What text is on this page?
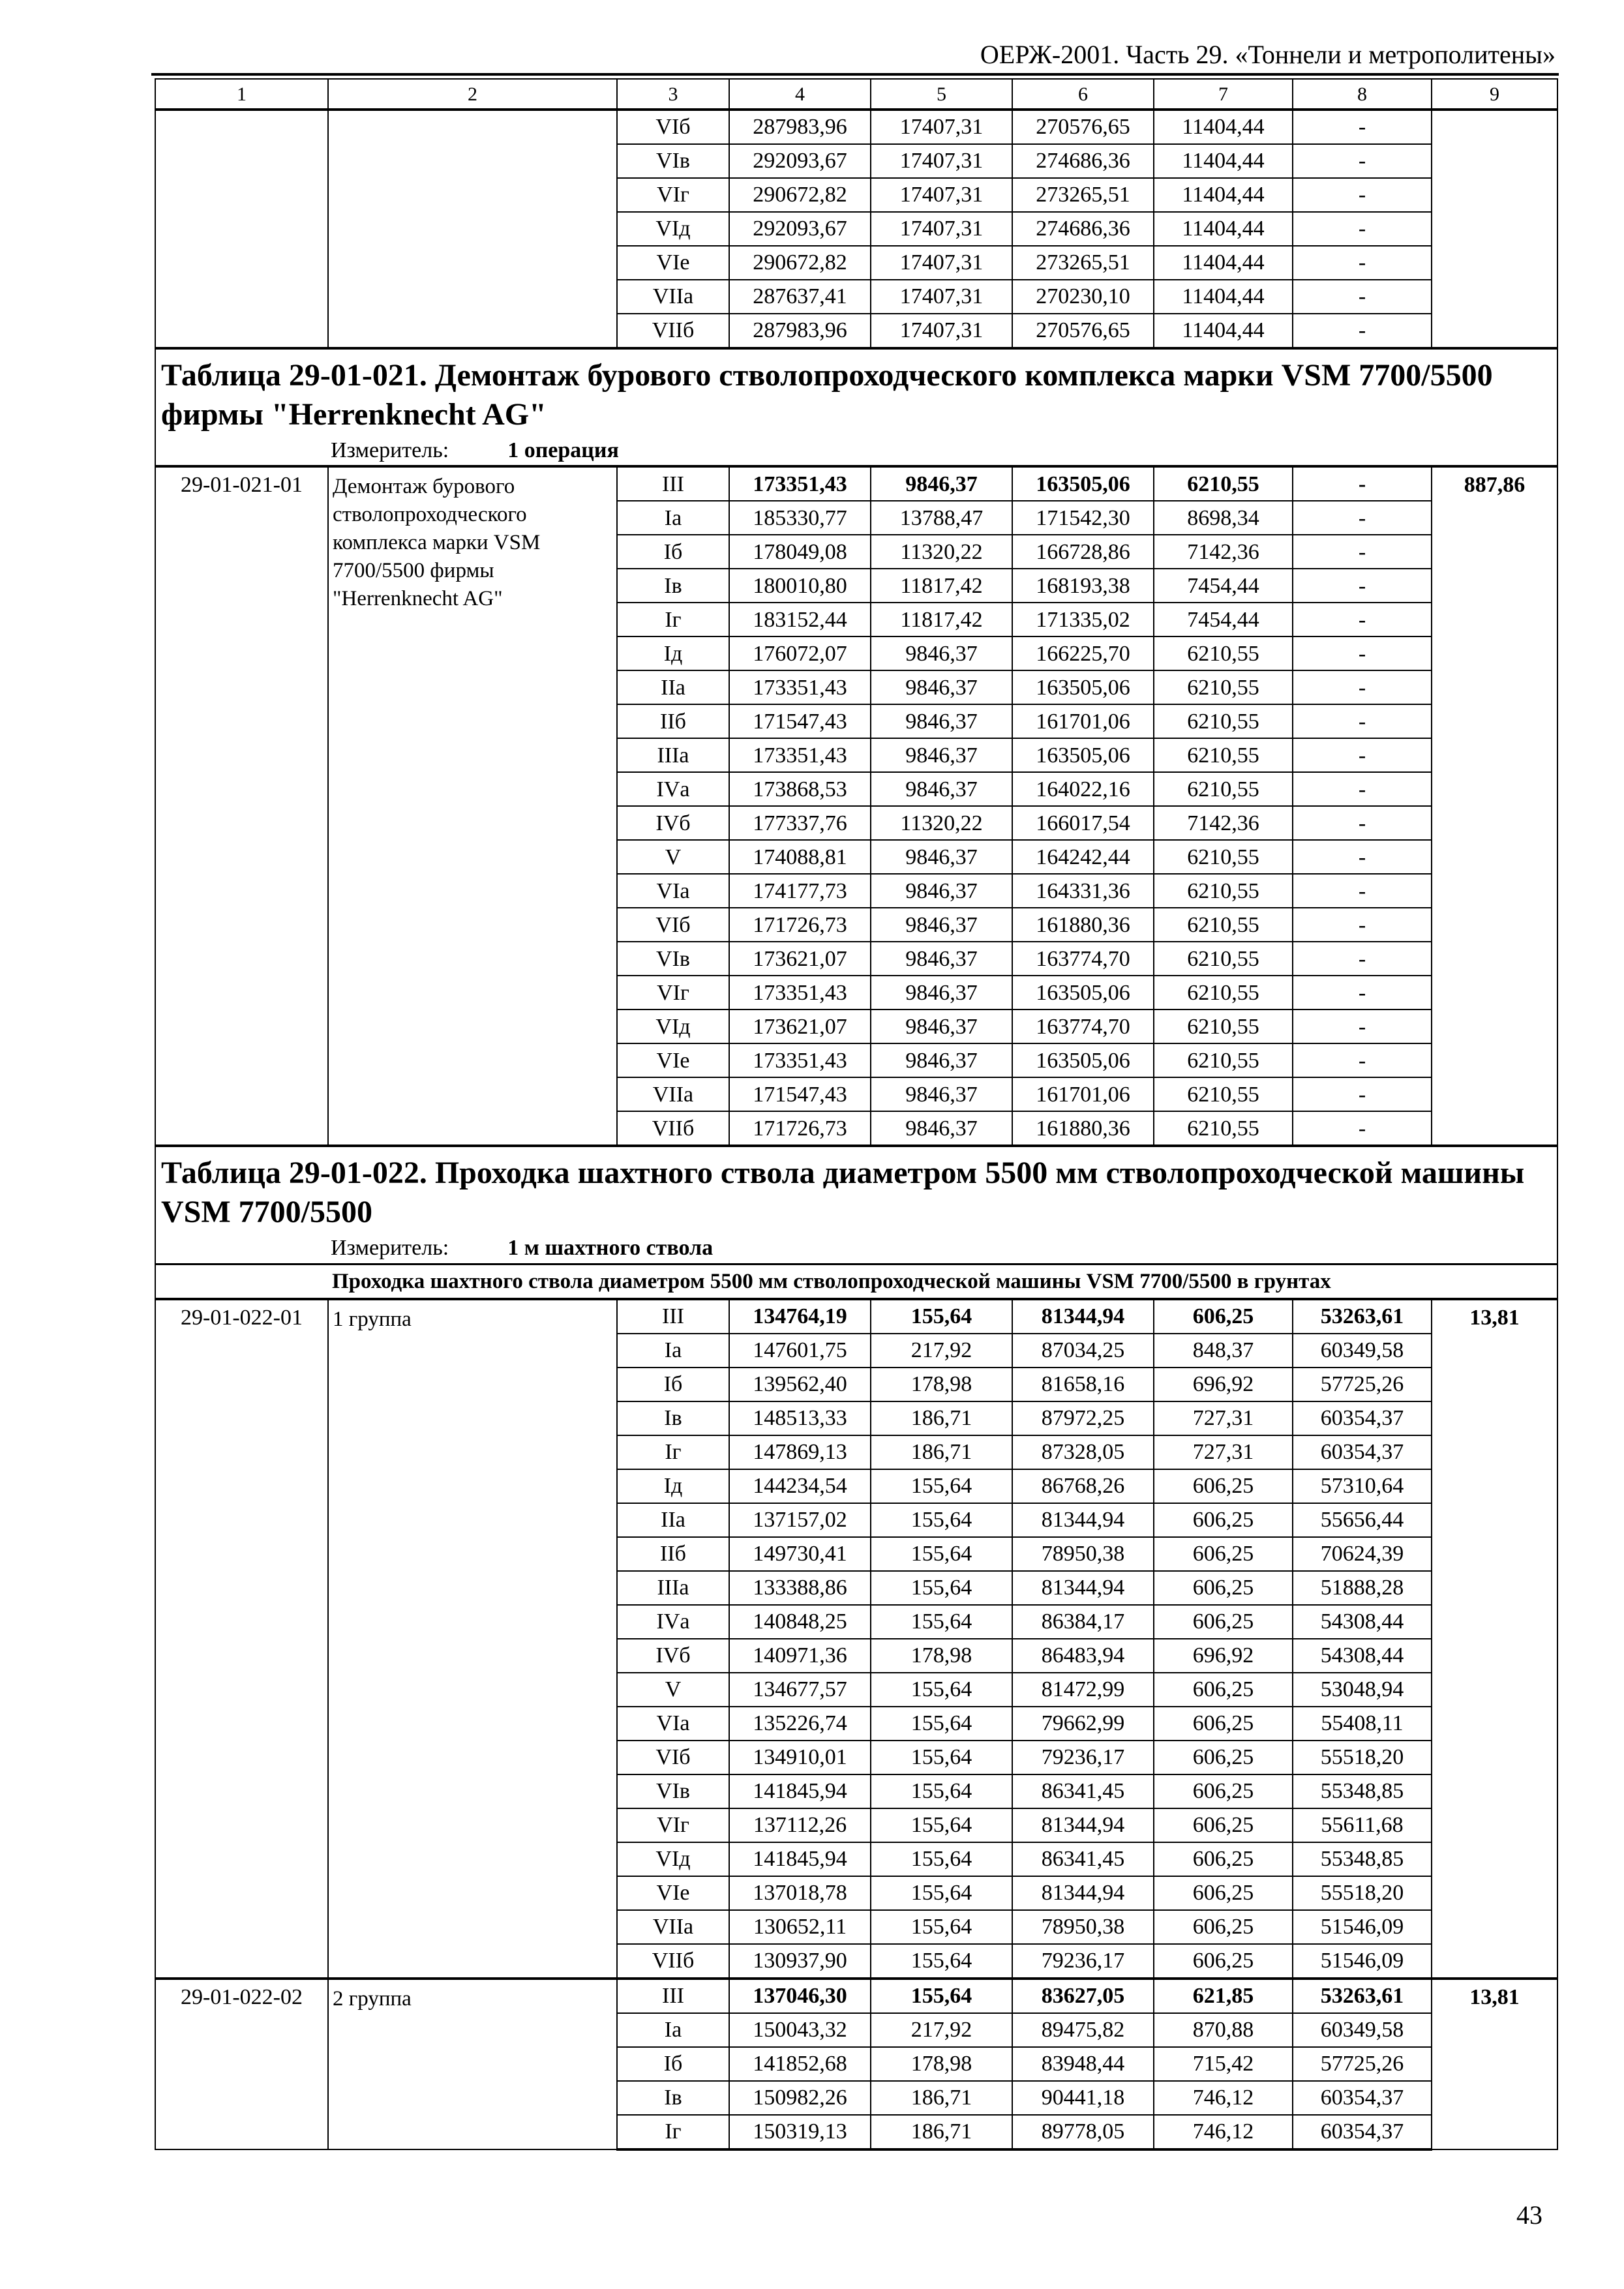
ОЕРЖ-2001. Часть 29. «Тоннели и метрополитены»
1	2	3	4	5	6	7	8	9
		VIб	287983,96	17407,31	270576,65	11404,44	-	
		VIв	292093,67	17407,31	274686,36	11404,44	-	
		VIг	290672,82	17407,31	273265,51	11404,44	-	
		VIд	292093,67	17407,31	274686,36	11404,44	-	
		VIе	290672,82	17407,31	273265,51	11404,44	-	
		VIIа	287637,41	17407,31	270230,10	11404,44	-	
		VIIб	287983,96	17407,31	270576,65	11404,44	-	

Таблица 29-01-021. Демонтаж бурового стволопроходческого комплекса марки VSM 7700/5500 фирмы "Herrenknecht AG"
Измеритель: 1 операция								

29-01-021-01	Демонтаж бурового стволопроходческого комплекса марки VSM 7700/5500 фирмы "Herrenknecht AG"	III	173351,43	9846,37	163505,06	6210,55	-	887,86
		Iа	185330,77	13788,47	171542,30	8698,34	-	
		Iб	178049,08	11320,22	166728,86	7142,36	-	
		Iв	180010,80	11817,42	168193,38	7454,44	-	
		Iг	183152,44	11817,42	171335,02	7454,44	-	
		Iд	176072,07	9846,37	166225,70	6210,55	-	
		IIа	173351,43	9846,37	163505,06	6210,55	-	
		IIб	171547,43	9846,37	161701,06	6210,55	-	
		IIIа	173351,43	9846,37	163505,06	6210,55	-	
		IVа	173868,53	9846,37	164022,16	6210,55	-	
		IVб	177337,76	11320,22	166017,54	7142,36	-	
		V	174088,81	9846,37	164242,44	6210,55	-	
		VIа	174177,73	9846,37	164331,36	6210,55	-	
		VIб	171726,73	9846,37	161880,36	6210,55	-	
		VIв	173621,07	9846,37	163774,70	6210,55	-	
		VIг	173351,43	9846,37	163505,06	6210,55	-	
		VIд	173621,07	9846,37	163774,70	6210,55	-	
		VIе	173351,43	9846,37	163505,06	6210,55	-	
		VIIа	171547,43	9846,37	161701,06	6210,55	-	
		VIIб	171726,73	9846,37	161880,36	6210,55	-	

Таблица 29-01-022. Проходка шахтного ствола диаметром 5500 мм стволопроходческой машины VSM 7700/5500
Измеритель: 1 м шахтного ствола								

Проходка шахтного ствола диаметром 5500 мм стволопроходческой машины VSM 7700/5500 в грунтах								
29-01-022-01	1 группа	III	134764,19	155,64	81344,94	606,25	53263,61	13,81
		Iа	147601,75	217,92	87034,25	848,37	60349,58	
		Iб	139562,40	178,98	81658,16	696,92	57725,26	
		Iв	148513,33	186,71	87972,25	727,31	60354,37	
		Iг	147869,13	186,71	87328,05	727,31	60354,37	
		Iд	144234,54	155,64	86768,26	606,25	57310,64	
		IIа	137157,02	155,64	81344,94	606,25	55656,44	
		IIб	149730,41	155,64	78950,38	606,25	70624,39	
		IIIа	133388,86	155,64	81344,94	606,25	51888,28	
		IVа	140848,25	155,64	86384,17	606,25	54308,44	
		IVб	140971,36	178,98	86483,94	696,92	54308,44	
		V	134677,57	155,64	81472,99	606,25	53048,94	
		VIа	135226,74	155,64	79662,99	606,25	55408,11	
		VIб	134910,01	155,64	79236,17	606,25	55518,20	
		VIв	141845,94	155,64	86341,45	606,25	55348,85	
		VIг	137112,26	155,64	81344,94	606,25	55611,68	
		VIд	141845,94	155,64	86341,45	606,25	55348,85	
		VIе	137018,78	155,64	81344,94	606,25	55518,20	
		VIIа	130652,11	155,64	78950,38	606,25	51546,09	
		VIIб	130937,90	155,64	79236,17	606,25	51546,09	
29-01-022-02	2 группа	III	137046,30	155,64	83627,05	621,85	53263,61	13,81
		Iа	150043,32	217,92	89475,82	870,88	60349,58	
		Iб	141852,68	178,98	83948,44	715,42	57725,26	
		Iв	150982,26	186,71	90441,18	746,12	60354,37	
		Iг	150319,13	186,71	89778,05	746,12	60354,37	
43
